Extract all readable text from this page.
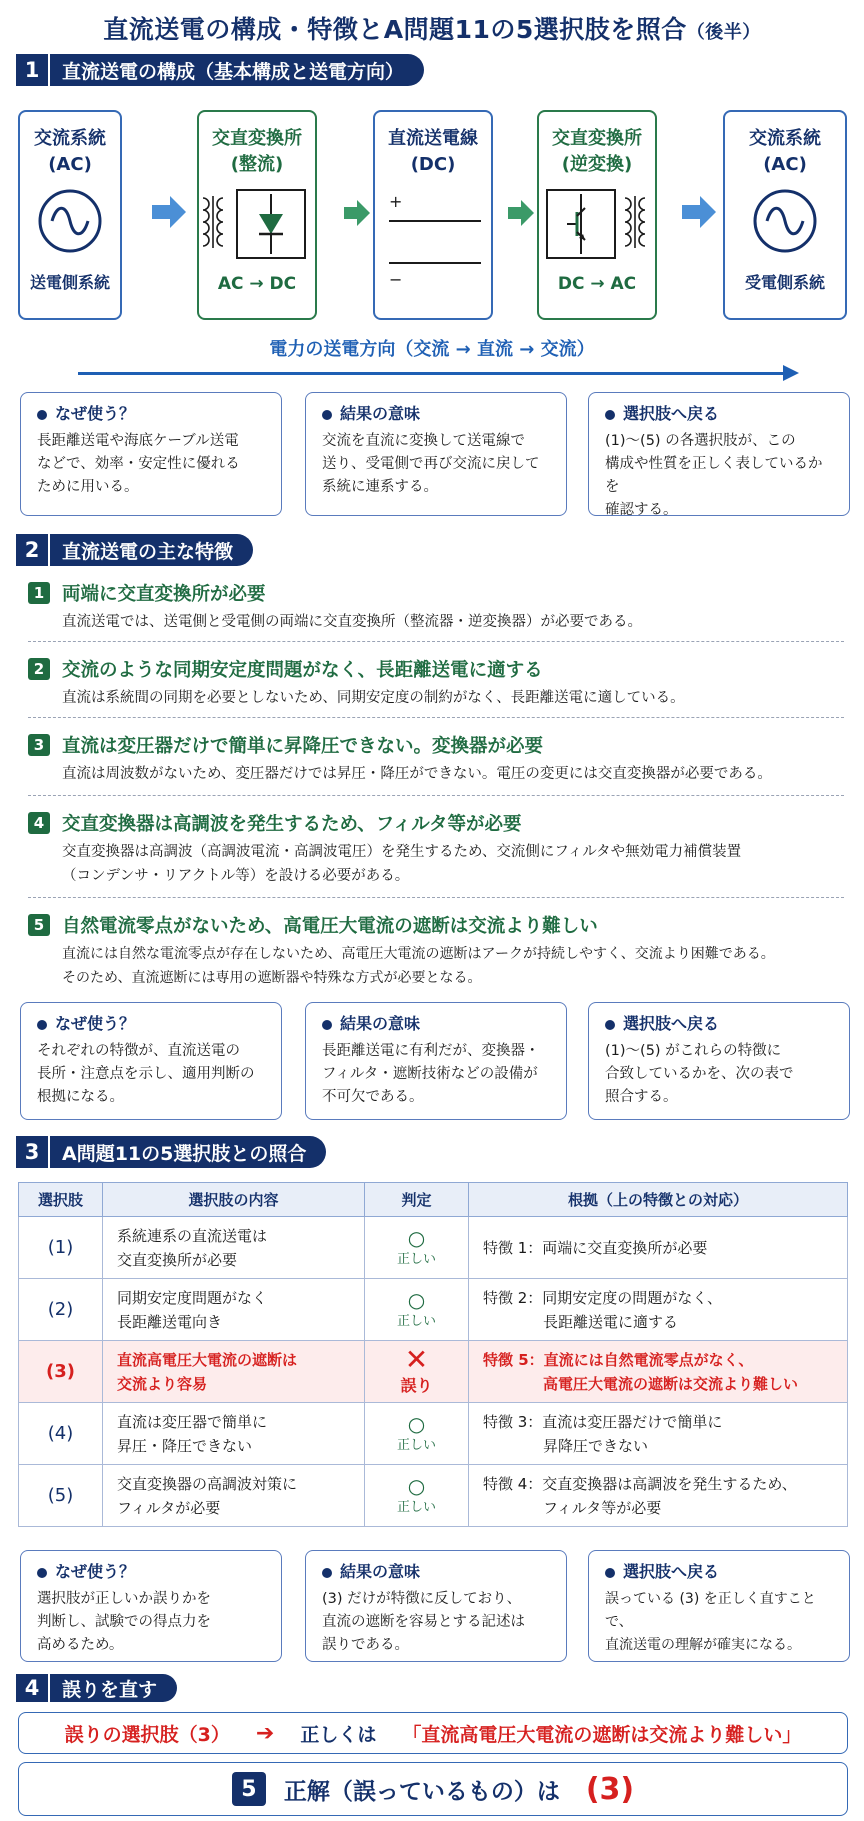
直流送電の構成・特徴とA問題11の5選択肢を照合（後半）
1	直流送電の構成（基本構成と送電方向）
交流系統
(AC)
送電側系統
交直変換所
(整流)
AC → DC
直流送電線
(DC)
+
−
交直変換所
(逆変換)
DC → AC
交流系統
(AC)
受電側系統
電力の送電方向（交流 → 直流 → 交流）
なぜ使う？
長距離送電や海底ケーブル送電
などで、効率・安定性に優れる
ために用いる。
結果の意味
交流を直流に変換して送電線で
送り、受電側で再び交流に戻して
系統に連系する。
選択肢へ戻る
(1)～(5) の各選択肢が、この
構成や性質を正しく表しているかを
確認する。
2	直流送電の主な特徴
1 両端に交直変換所が必要
直流送電では、送電側と受電側の両端に交直変換所（整流器・逆変換器）が必要である。
2 交流のような同期安定度問題がなく、長距離送電に適する
直流は系統間の同期を必要としないため、同期安定度の制約がなく、長距離送電に適している。
3 直流は変圧器だけで簡単に昇降圧できない。変換器が必要
直流は周波数がないため、変圧器だけでは昇圧・降圧ができない。電圧の変更には交直変換器が必要である。
4 交直変換器は高調波を発生するため、フィルタ等が必要
交直変換器は高調波（高調波電流・高調波電圧）を発生するため、交流側にフィルタや無効電力補償装置
（コンデンサ・リアクトル等）を設ける必要がある。
5 自然電流零点がないため、高電圧大電流の遮断は交流より難しい
直流には自然な電流零点が存在しないため、高電圧大電流の遮断はアークが持続しやすく、交流より困難である。
そのため、直流遮断には専用の遮断器や特殊な方式が必要となる。
なぜ使う？
それぞれの特徴が、直流送電の
長所・注意点を示し、適用判断の
根拠になる。
結果の意味
長距離送電に有利だが、変換器・
フィルタ・遮断技術などの設備が
不可欠である。
選択肢へ戻る
(1)～(5) がこれらの特徴に
合致しているかを、次の表で
照合する。
3	A問題11の5選択肢との照合
選択肢	選択肢の内容	判定	根拠（上の特徴との対応）
(1)	系統連系の直流送電は
交直変換所が必要	○
正しい	特徴 1：両端に交直変換所が必要
(2)	同期安定度問題がなく
長距離送電向き	○
正しい	特徴 2：同期安定度の問題がなく、
　　　　長距離送電に適する
(3)	直流高電圧大電流の遮断は
交流より容易	✕
誤り	特徴 5：直流には自然電流零点がなく、
　　　　高電圧大電流の遮断は交流より難しい
(4)	直流は変圧器で簡単に
昇圧・降圧できない	○
正しい	特徴 3：直流は変圧器だけで簡単に
　　　　昇降圧できない
(5)	交直変換器の高調波対策に
フィルタが必要	○
正しい	特徴 4：交直変換器は高調波を発生するため、
　　　　フィルタ等が必要
なぜ使う？
選択肢が正しいか誤りかを
判断し、試験での得点力を
高めるため。
結果の意味
(3) だけが特徴に反しており、
直流の遮断を容易とする記述は
誤りである。
選択肢へ戻る
誤っている (3) を正しく直すことで、
直流送電の理解が確実になる。
4	誤りを直す
誤りの選択肢（3） ➔ 正しくは 「直流高電圧大電流の遮断は交流より難しい」
5	正解（誤っているもの）は (3)
